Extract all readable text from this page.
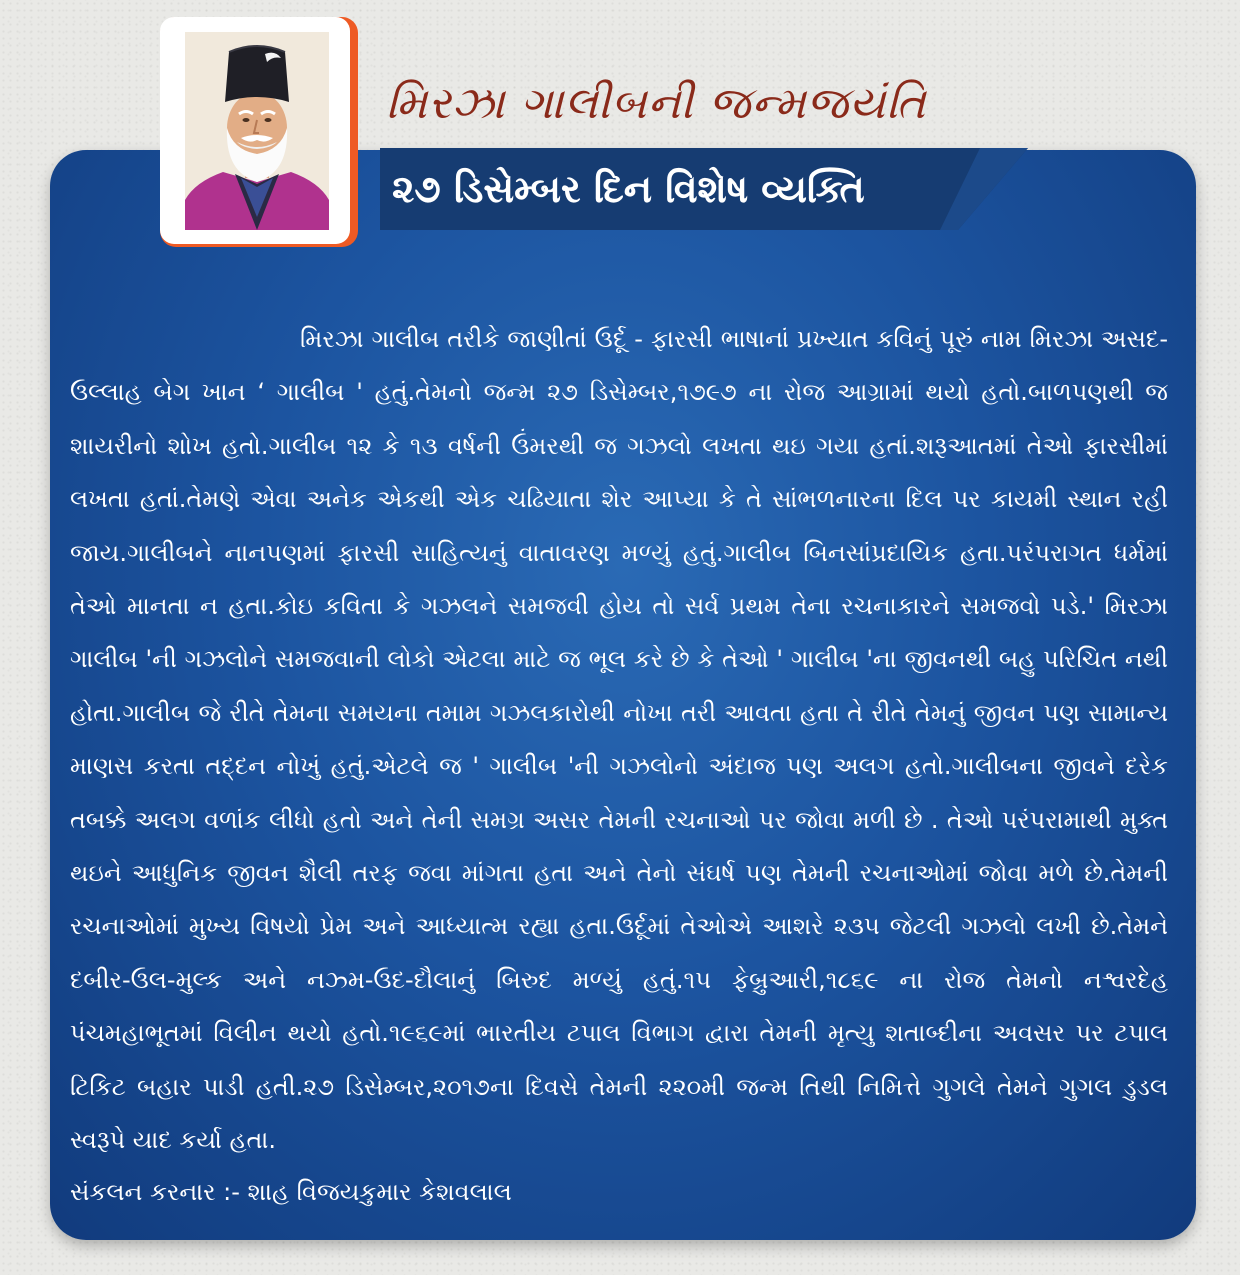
મિરઝા ગાલીબની જન્મજયંતિ
૨૭ ડિસેમ્બર દિન વિશેષ વ્યક્તિ

મિરઝા ગાલીબ તરીકે જાણીતાં ઉર્દૂ - ફારસી ભાષાનાં પ્રખ્યાત કવિનું પૂરું નામ મિરઝા અસદ-ઉલ્લાહ બેગ ખાન ‘ ગાલીબ ' હતું.તેમનો જન્મ ૨૭ ડિસેમ્બર,૧૭૯૭ ના રોજ આગ્રામાં થયો હતો.બાળપણથી જ શાયરીનો શોખ હતો.ગાલીબ ૧૨ કે ૧૩ વર્ષની ઉંમરથી જ ગઝલો લખતા થઇ ગયા હતાં.શરૂઆતમાં તેઓ ફારસીમાં લખતા હતાં.તેમણે એવા અનેક એકથી એક ચઢિયાતા શેર આપ્યા કે તે સાંભળનારના દિલ પર કાયમી સ્થાન રહી જાય.ગાલીબને નાનપણમાં ફારસી સાહિત્યનું વાતાવરણ મળ્યું હતું.ગાલીબ બિનસાંપ્રદાયિક હતા.પરંપરાગત ધર્મમાં તેઓ માનતા ન હતા.કોઇ કવિતા કે ગઝલને સમજવી હોય તો સર્વ પ્રથમ તેના રચનાકારને સમજવો પડે.' મિરઝા ગાલીબ 'ની ગઝલોને સમજવાની લોકો એટલા માટે જ ભૂલ કરે છે કે તેઓ ' ગાલીબ 'ના જીવનથી બહુ પરિચિત નથી હોતા.ગાલીબ જે રીતે તેમના સમયના તમામ ગઝલકારોથી નોખા તરી આવતા હતા તે રીતે તેમનું જીવન પણ સામાન્ય માણસ કરતા તદ્દન નોખું હતું.એટલે જ ' ગાલીબ 'ની ગઝલોનો અંદાજ પણ અલગ હતો.ગાલીબના જીવને દરેક તબક્કે અલગ વળાંક લીધો હતો અને તેની સમગ્ર અસર તેમની રચનાઓ પર જોવા મળી છે . તેઓ પરંપરામાથી મુક્ત થઇને આધુનિક જીવન શૈલી તરફ જવા માંગતા હતા અને તેનો સંઘર્ષ પણ તેમની રચનાઓમાં જોવા મળે છે.તેમની રચનાઓમાં મુખ્ય વિષયો પ્રેમ અને આધ્યાત્મ રહ્યા હતા.ઉર્દૂમાં તેઓએ આશરે ૨૩૫ જેટલી ગઝલો લખી છે.તેમને દબીર-ઉલ-મુલ્ક અને નઝ્મ-ઉદ-દૌલાનું બિરુદ મળ્યું હતું.૧૫ ફેબ્રુઆરી,૧૮૬૯ ના રોજ તેમનો નશ્વરદેહ પંચમહાભૂતમાં વિલીન થયો હતો.૧૯૬૯માં ભારતીય ટપાલ વિભાગ દ્વારા તેમની મૃત્યુ શતાબ્દીના અવસર પર ટપાલ ટિકિટ બહાર પાડી હતી.૨૭ ડિસેમ્બર,૨૦૧૭ના દિવસે તેમની ૨૨૦મી જન્મ તિથી નિમિત્તે ગુગલે તેમને ગુગલ ડુડલ સ્વરૂપે યાદ કર્યા હતા.

સંકલન કરનાર :- શાહ વિજયકુમાર કેશવલાલ
